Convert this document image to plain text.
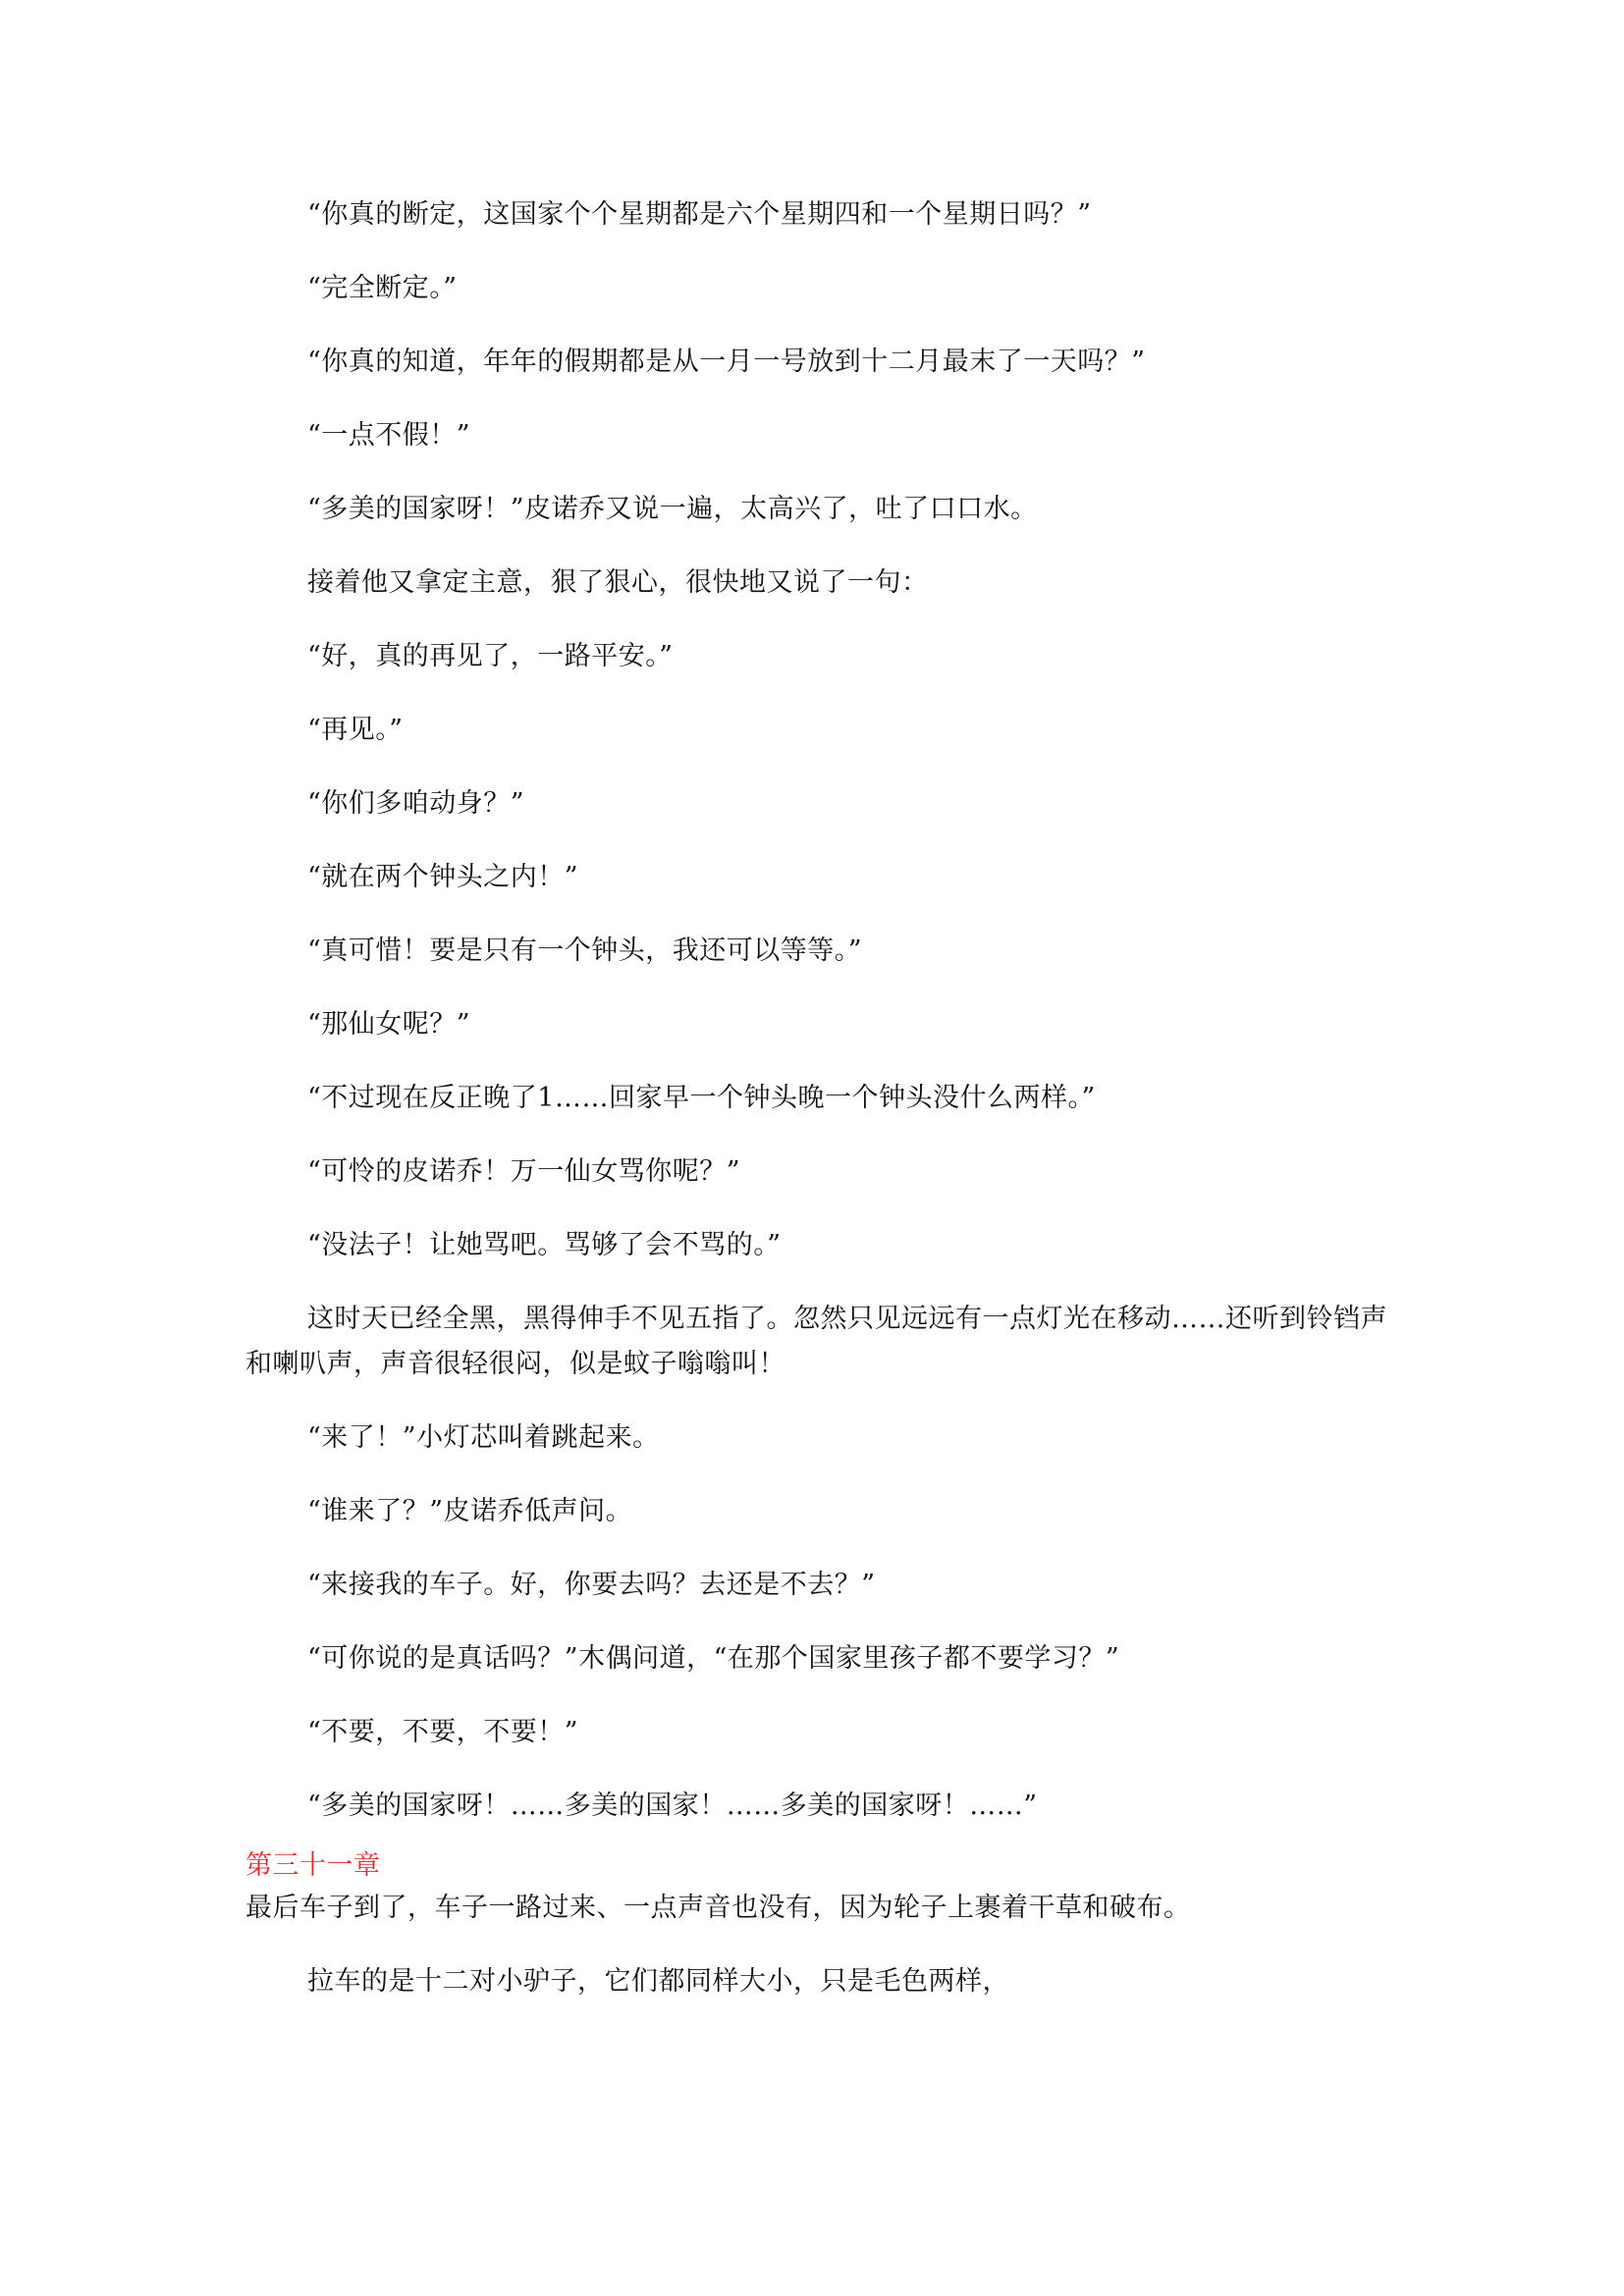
“你真的断定，这国家个个星期都是六个星期四和一个星期日吗？”

“完全断定。”

“你真的知道，年年的假期都是从一月一号放到十二月最末了一天吗？”

“一点不假！”

“多美的国家呀！”皮诺乔又说一遍，太高兴了，吐了口口水。

接着他又拿定主意，狠了狠心，很快地又说了一句：

“好，真的再见了，一路平安。”

“再见。”

“你们多咱动身？”

“就在两个钟头之内！”

“真可惜！要是只有一个钟头，我还可以等等。”

“那仙女呢？”

“不过现在反正晚了1……回家早一个钟头晚一个钟头没什么两样。”

“可怜的皮诺乔！万一仙女骂你呢？”

“没法子！让她骂吧。骂够了会不骂的。”

这时天已经全黑，黑得伸手不见五指了。忽然只见远远有一点灯光在移动……还听到铃铛声和喇叭声，声音很轻很闷，似是蚊子嗡嗡叫！

“来了！”小灯芯叫着跳起来。

“谁来了？”皮诺乔低声问。

“来接我的车子。好，你要去吗？去还是不去？”

“可你说的是真话吗？”木偶问道，“在那个国家里孩子都不要学习？”

“不要，不要，不要！”

“多美的国家呀！……多美的国家！……多美的国家呀！……”

第三十一章

最后车子到了，车子一路过来、一点声音也没有，因为轮子上裹着干草和破布。

拉车的是十二对小驴子，它们都同样大小，只是毛色两样，
